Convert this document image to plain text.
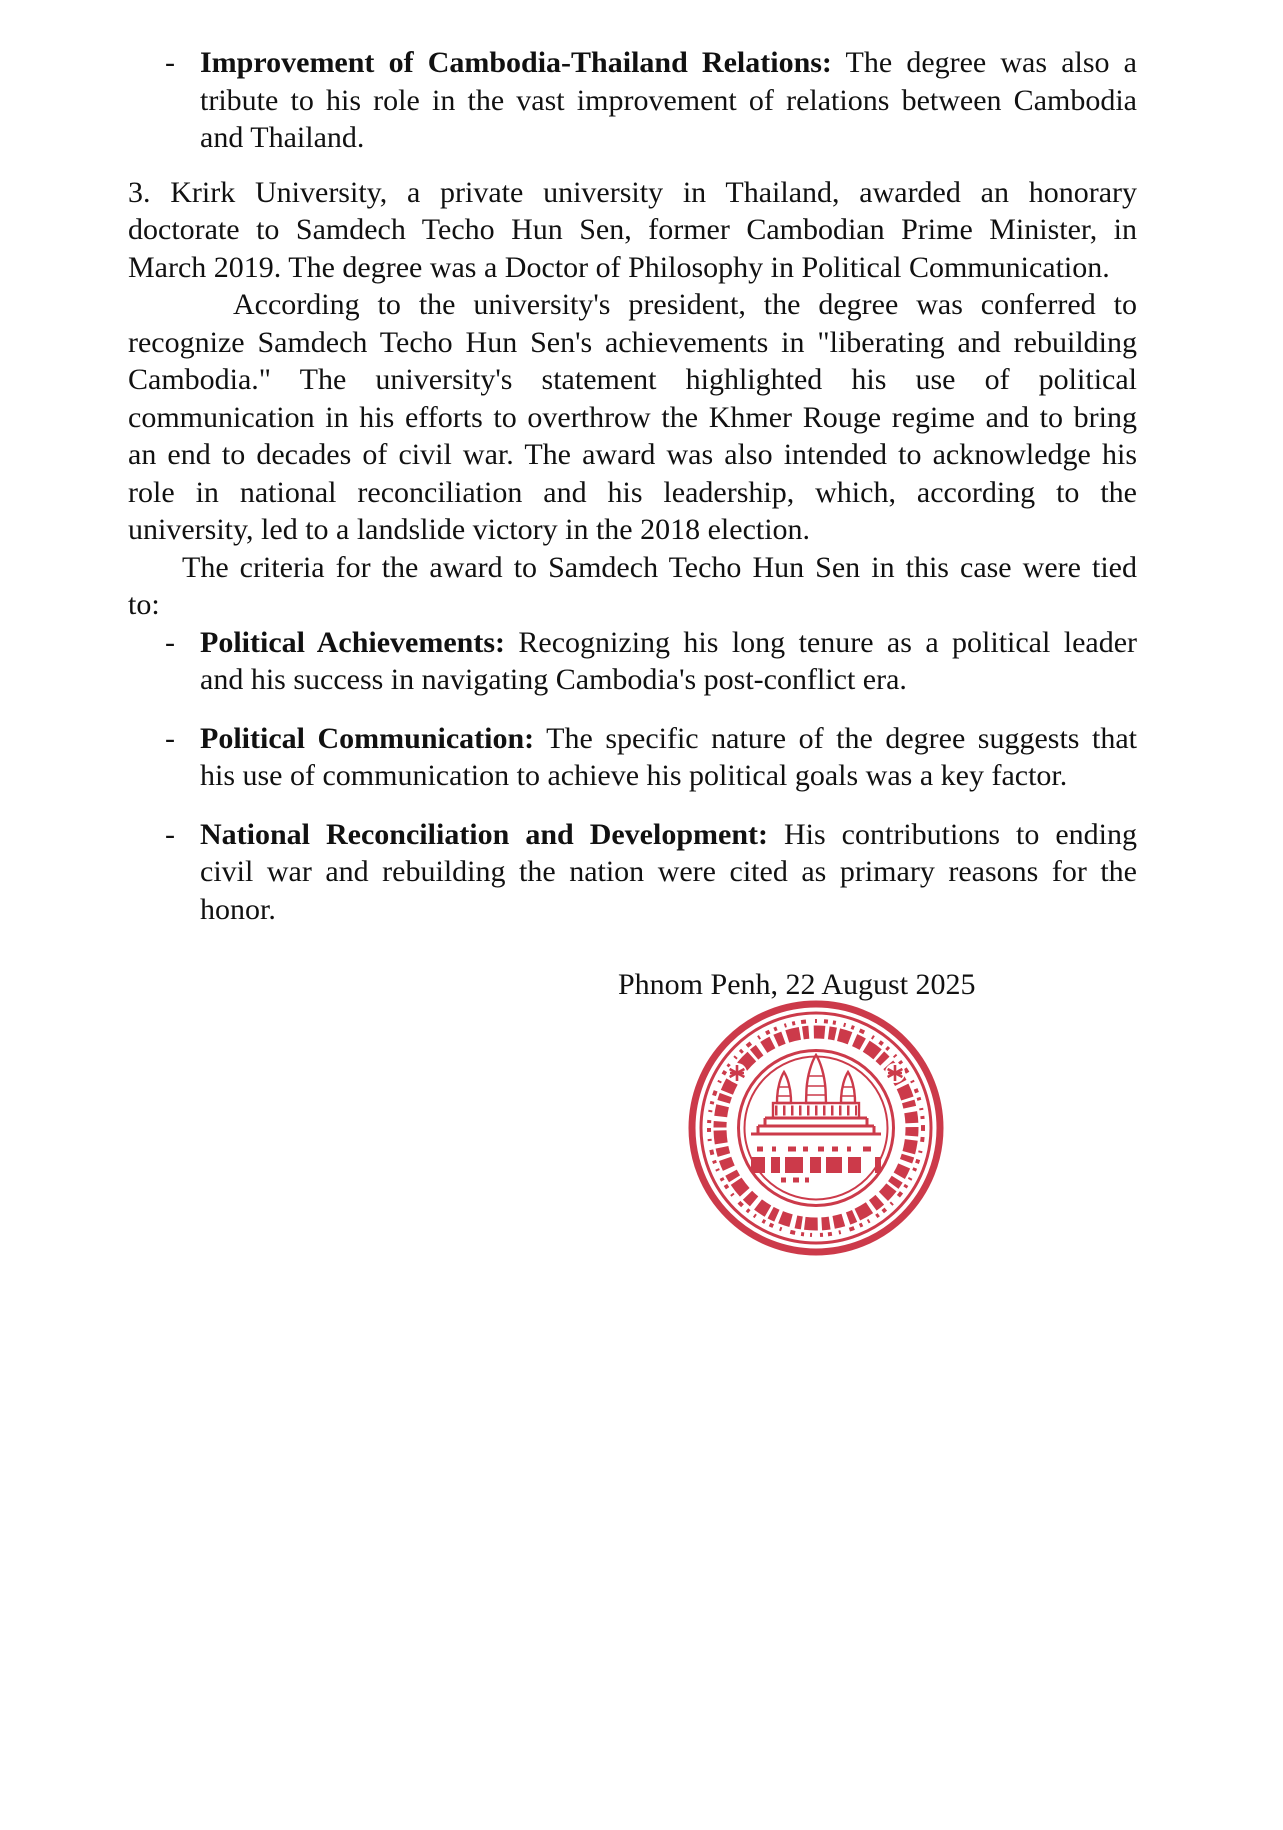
- Improvement of Cambodia-Thailand Relations: The degree was also a
tribute to his role in the vast improvement of relations between Cambodia
and Thailand.
3. Krirk University, a private university in Thailand, awarded an honorary
doctorate to Samdech Techo Hun Sen, former Cambodian Prime Minister, in
March 2019. The degree was a Doctor of Philosophy in Political Communication.
According to the university's president, the degree was conferred to
recognize Samdech Techo Hun Sen's achievements in "liberating and rebuilding
Cambodia." The university's statement highlighted his use of political
communication in his efforts to overthrow the Khmer Rouge regime and to bring
an end to decades of civil war. The award was also intended to acknowledge his
role in national reconciliation and his leadership, which, according to the
university, led to a landslide victory in the 2018 election.
The criteria for the award to Samdech Techo Hun Sen in this case were tied
to:
- Political Achievements: Recognizing his long tenure as a political leader
and his success in navigating Cambodia's post-conflict era.
- Political Communication: The specific nature of the degree suggests that
his use of communication to achieve his political goals was a key factor.
- National Reconciliation and Development: His contributions to ending
civil war and rebuilding the nation were cited as primary reasons for the
honor.
Phnom Penh, 22 August 2025
